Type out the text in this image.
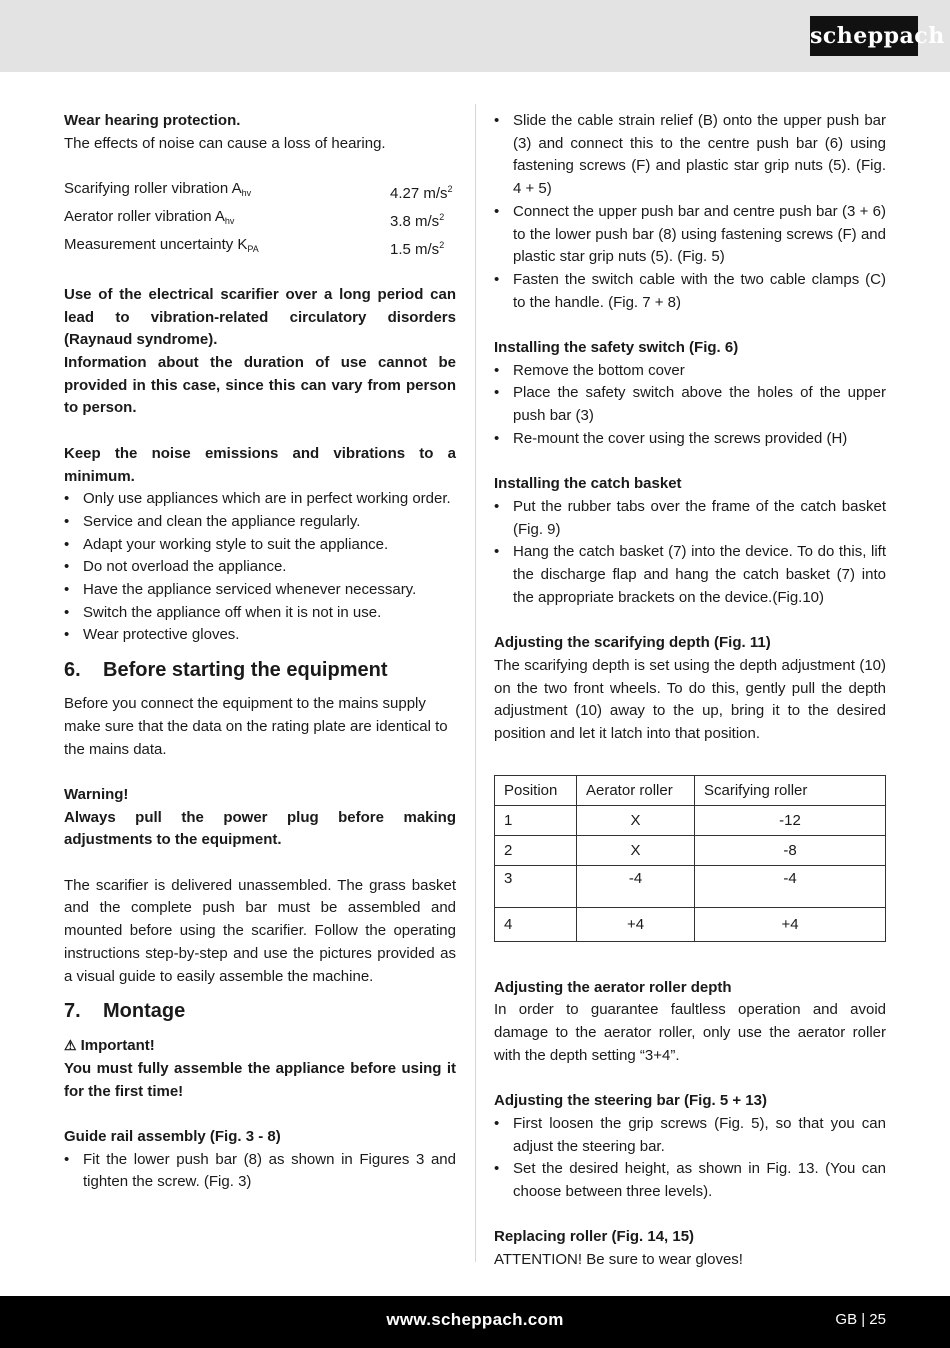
scheppach

Wear hearing protection.

The effects of noise can cause a loss of hearing.

Scarifying roller vibration $A_{hv}$	4.27 $m/s^2$
Aerator roller vibration $A_{hv}$	3.8 $m/s^2$
Measurement uncertainty $K_{PA}$	1.5 $m/s^2$

Use of the electrical scarifier over a long period can lead to vibration-related circulatory disorders (Raynaud syndrome).

Information about the duration of use cannot be provided in this case, since this can vary from person to person.

Keep the noise emissions and vibrations to a minimum.

• Only use appliances which are in perfect working order.
• Service and clean the appliance regularly.
• Adapt your working style to suit the appliance.
• Do not overload the appliance.
• Have the appliance serviced whenever necessary.
• Switch the appliance off when it is not in use.
• Wear protective gloves.
6.	Before starting the equipment

Before you connect the equipment to the mains supply make sure that the data on the rating plate are identical to the mains data.

Warning!

Always pull the power plug before making adjustments to the equipment.

The scarifier is delivered unassembled. The grass basket and the complete push bar must be assembled and mounted before using the scarifier. Follow the operating instructions step-by-step and use the pictures provided as a visual guide to easily assemble the machine.

7.	Montage

⚠ Important!

You must fully assemble the appliance before using it for the first time!

Guide rail assembly (Fig. 3 - 8)

• Fit the lower push bar (8) as shown in Figures 3 and tighten the screw. (Fig. 3)
• Slide the cable strain relief (B) onto the upper push bar (3) and connect this to the centre push bar (6) using fastening screws (F) and plastic star grip nuts (5). (Fig. 4 + 5)
• Connect the upper push bar and centre push bar (3 + 6) to the lower push bar (8) using fastening screws (F) and plastic star grip nuts (5). (Fig. 5)
• Fasten the switch cable with the two cable clamps (C) to the handle. (Fig. 7 + 8)

Installing the safety switch (Fig. 6)

• Remove the bottom cover
• Place the safety switch above the holes of the upper push bar (3)
• Re-mount the cover using the screws provided (H)

Installing the catch basket

• Put the rubber tabs over the frame of the catch basket (Fig. 9)
• Hang the catch basket (7) into the device. To do this, lift the discharge flap and hang the catch basket (7) into the appropriate brackets on the device.(Fig.10)

Adjusting the scarifying depth (Fig. 11)

The scarifying depth is set using the depth adjustment (10) on the two front wheels. To do this, gently pull the depth adjustment (10) away to the up, bring it to the desired position and let it latch into that position.

Position	Aerator roller	Scarifying roller
1	X	-12
2	X	-8
3	-4	-4
4	+4	+4

Adjusting the aerator roller depth

In order to guarantee faultless operation and avoid damage to the aerator roller, only use the aerator roller with the depth setting “3+4”.

Adjusting the steering bar (Fig. 5 + 13)

• First loosen the grip screws (Fig. 5), so that you can adjust the steering bar.
• Set the desired height, as shown in Fig. 13. (You can choose between three levels).

Replacing roller (Fig. 14, 15)

ATTENTION! Be sure to wear gloves!

www.scheppach.com	GB | 25
